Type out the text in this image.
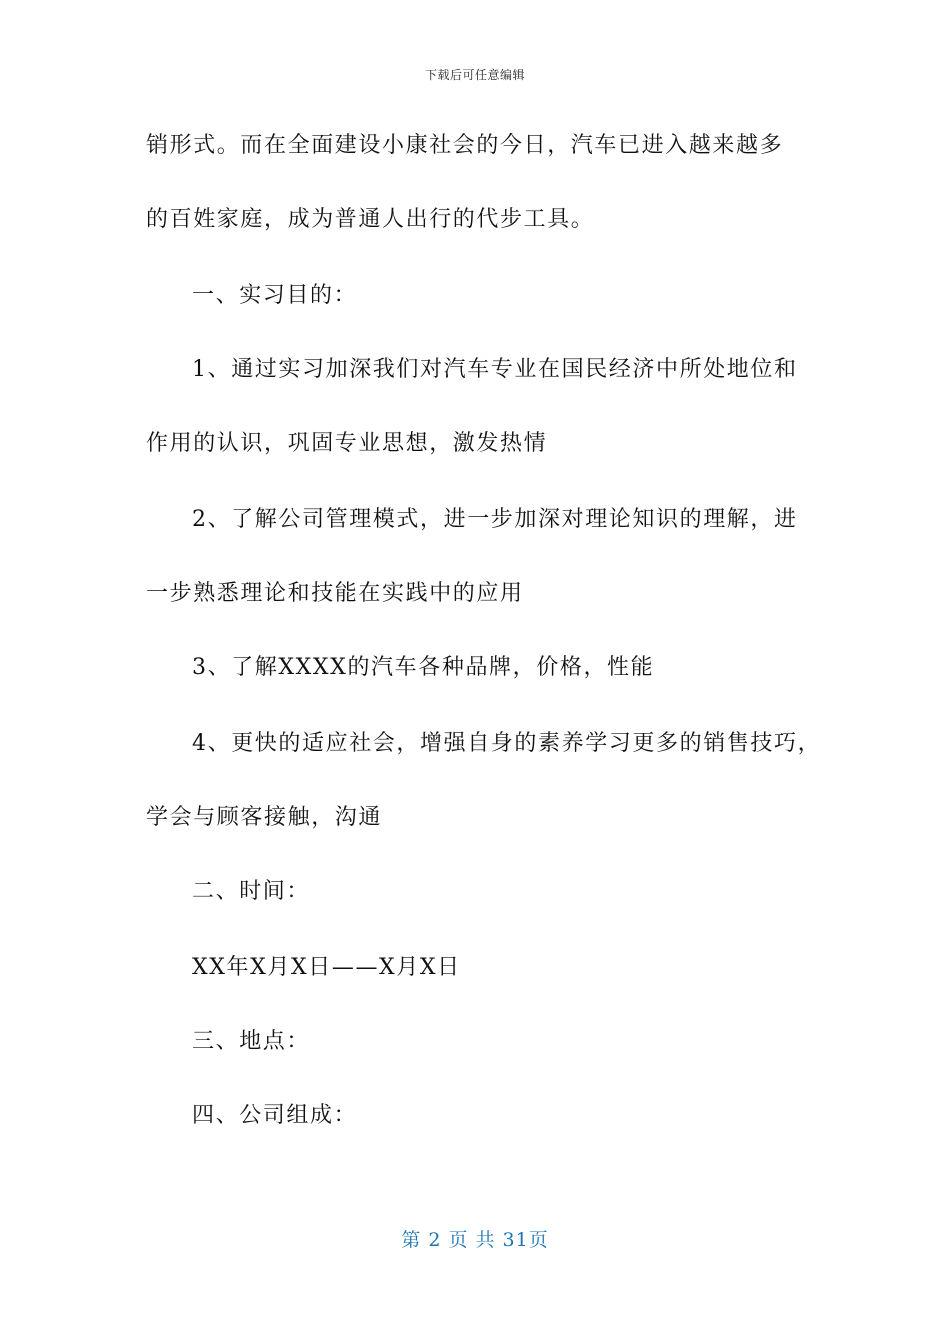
下载后可任意编辑
销形式。而在全面建设小康社会的今日，汽车已进入越来越多
的百姓家庭，成为普通人出行的代步工具。
一、实习目的：
1、通过实习加深我们对汽车专业在国民经济中所处地位和
作用的认识，巩固专业思想，激发热情
2、了解公司管理模式，进一步加深对理论知识的理解，进
一步熟悉理论和技能在实践中的应用
3、了解XXXX的汽车各种品牌，价格，性能
4、更快的适应社会，增强自身的素养学习更多的销售技巧，
学会与顾客接触，沟通
二、时间：
XX年X月X日——X月X日
三、地点：
四、公司组成：
第 2 页 共 31页
